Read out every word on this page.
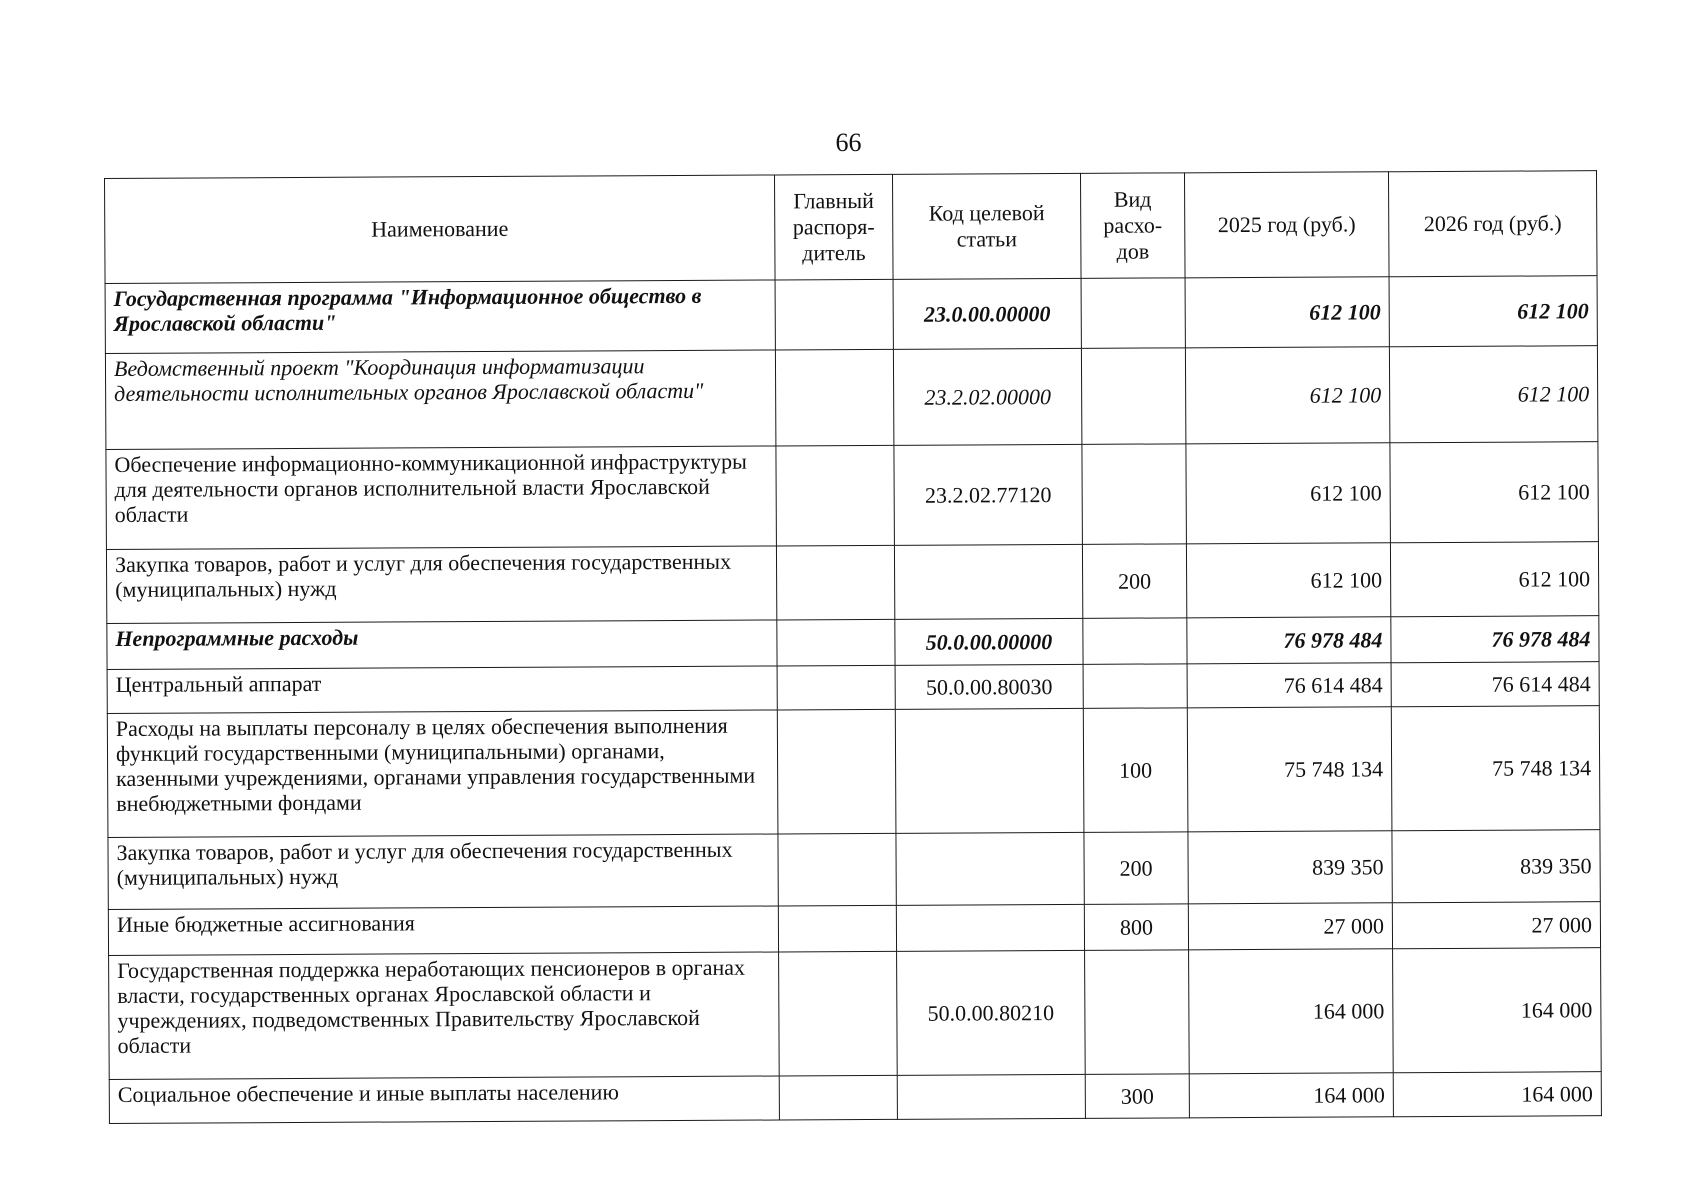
66
Наименование	Главный распоря-дитель	Код целевой статьи	Вид расхо-дов	2025 год (руб.)	2026 год (руб.)
Государственная программа "Информационное общество в Ярославской области"		23.0.00.00000		612 100	612 100
Ведомственный проект "Координация информатизации деятельности исполнительных органов Ярославской области"		23.2.02.00000		612 100	612 100
Обеспечение информационно-коммуникационной инфраструктуры для деятельности органов исполнительной власти Ярославской области		23.2.02.77120		612 100	612 100
Закупка товаров, работ и услуг для обеспечения государственных (муниципальных) нужд			200	612 100	612 100
Непрограммные расходы		50.0.00.00000		76 978 484	76 978 484
Центральный аппарат		50.0.00.80030		76 614 484	76 614 484
Расходы на выплаты персоналу в целях обеспечения выполнения функций государственными (муниципальными) органами, казенными учреждениями, органами управления государственными внебюджетными фондами			100	75 748 134	75 748 134
Закупка товаров, работ и услуг для обеспечения государственных (муниципальных) нужд			200	839 350	839 350
Иные бюджетные ассигнования			800	27 000	27 000
Государственная поддержка неработающих пенсионеров в органах власти, государственных органах Ярославской области и учреждениях, подведомственных Правительству Ярославской области		50.0.00.80210		164 000	164 000
Социальное обеспечение и иные выплаты населению			300	164 000	164 000
